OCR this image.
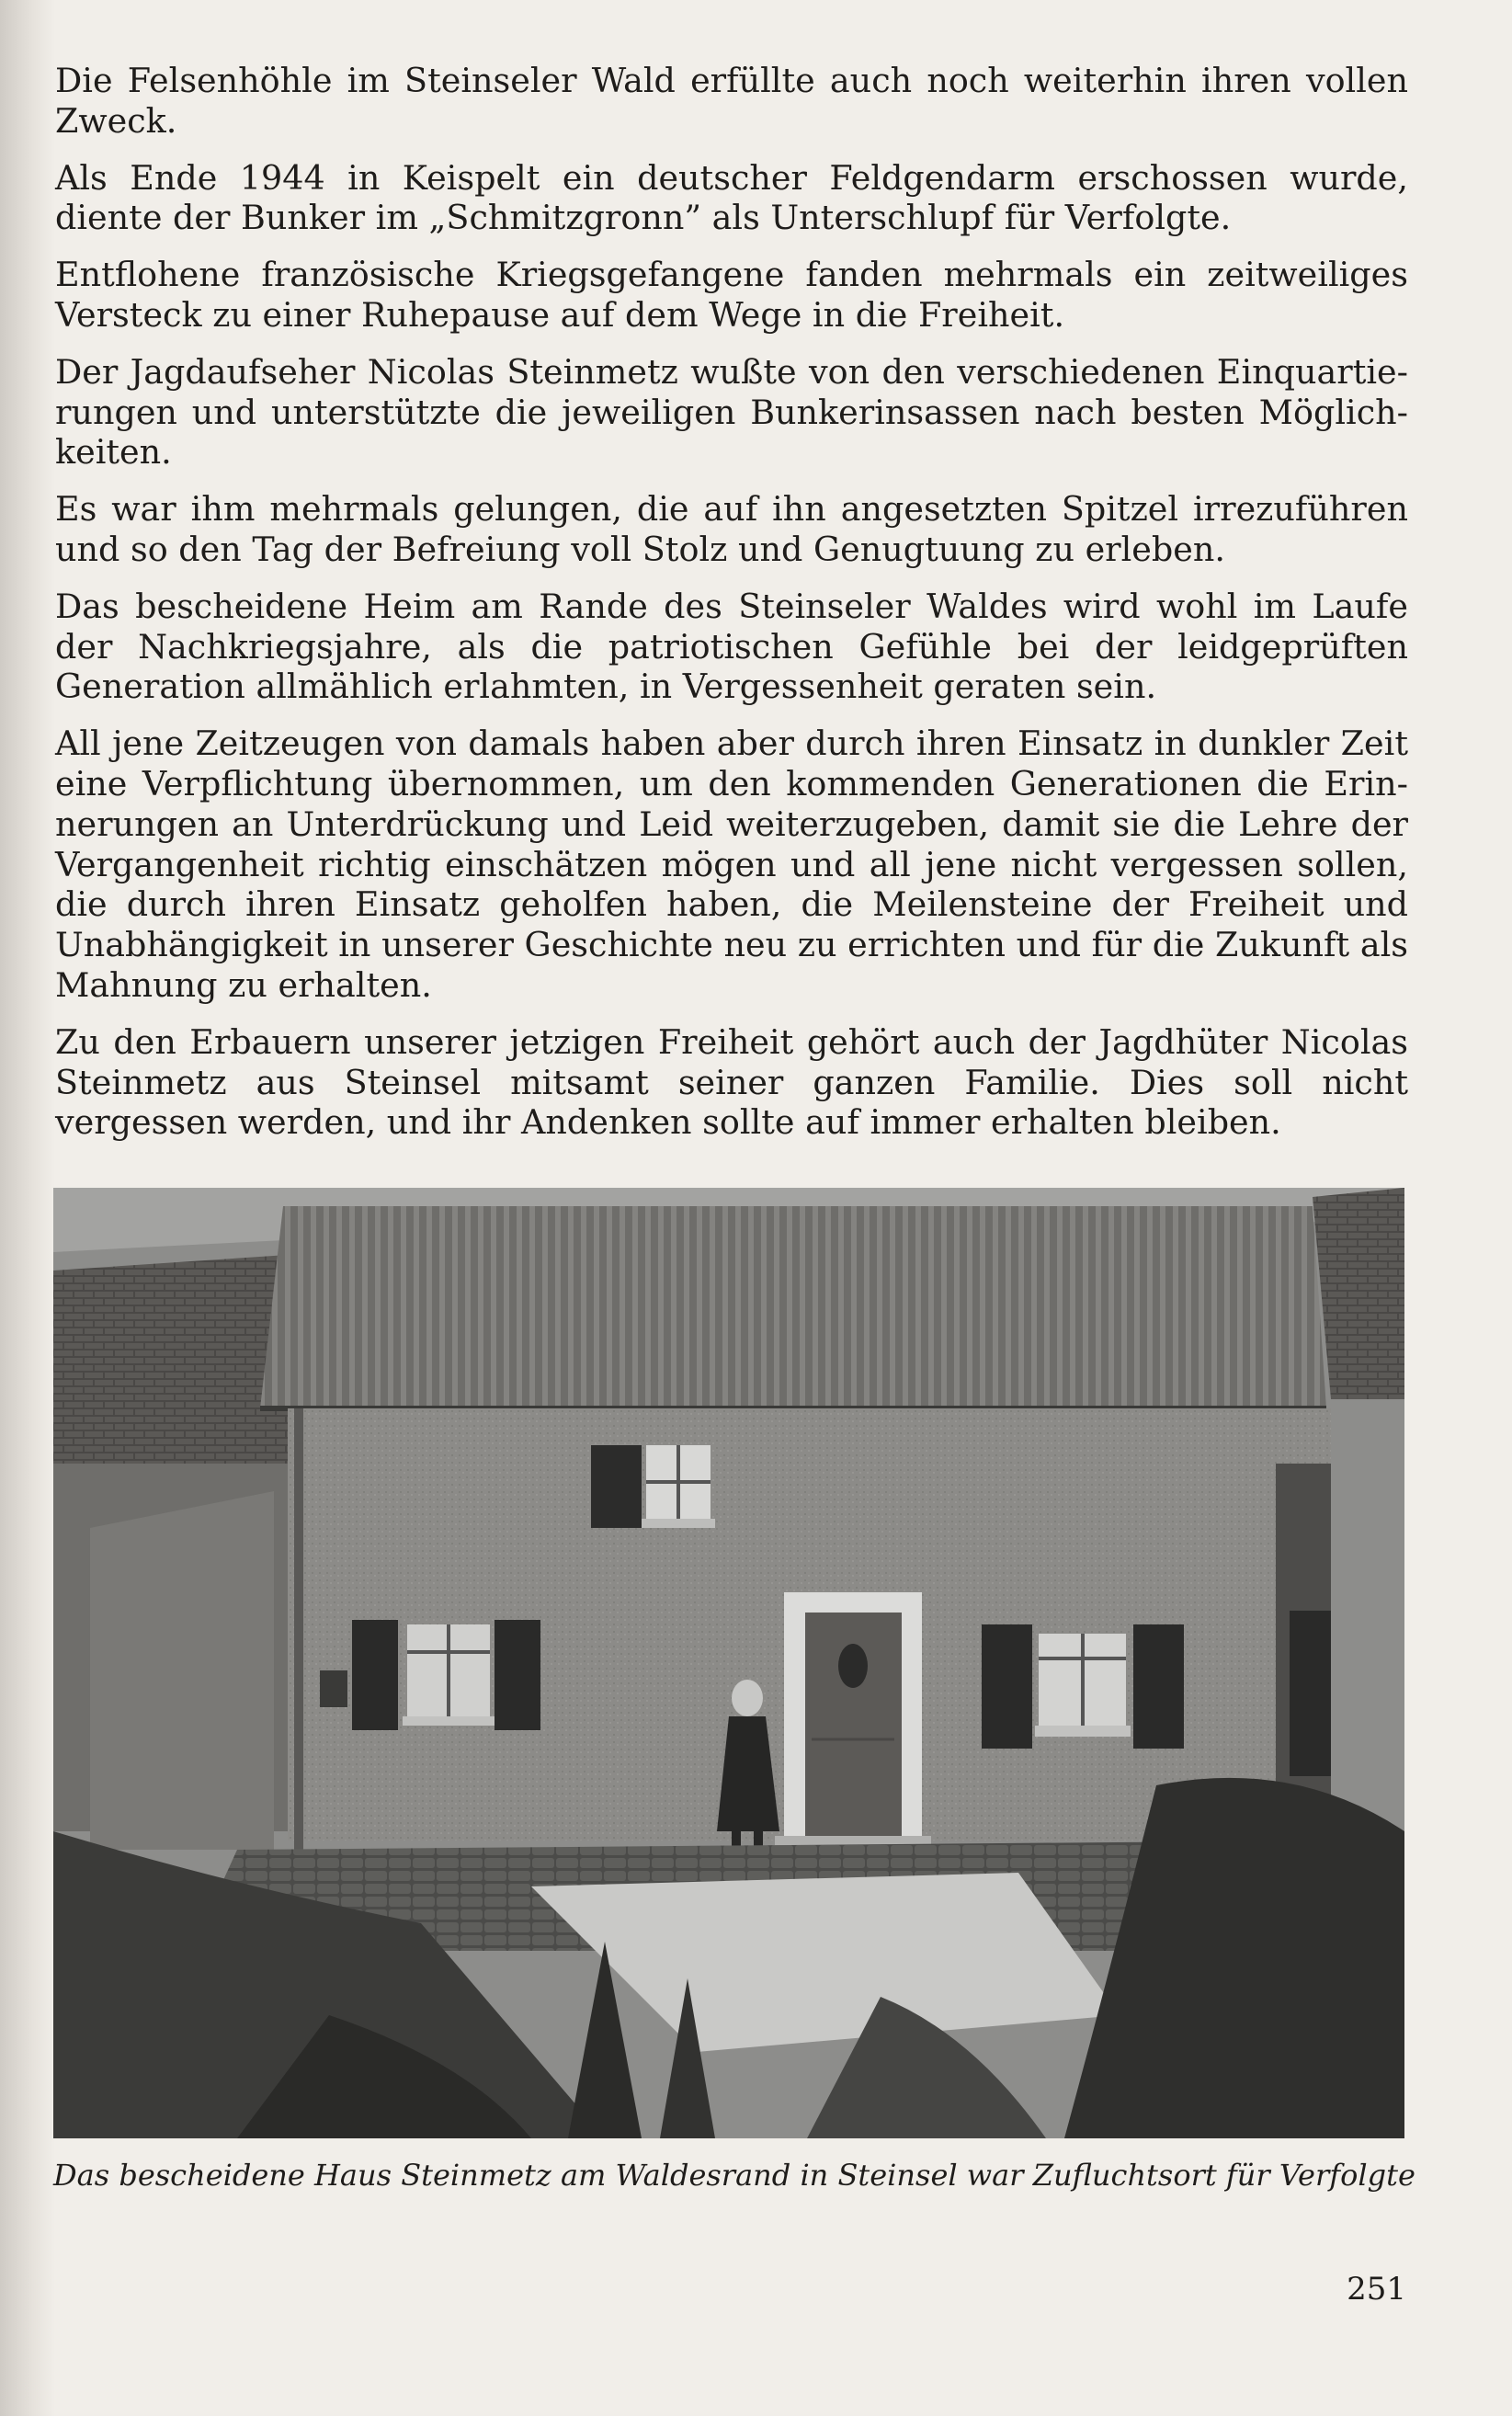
Die Felsenhöhle im Steinseler Wald erfüllte auch noch weiterhin ihren vollen Zweck.

Als Ende 1944 in Keispelt ein deutscher Feldgendarm erschossen wurde, diente der Bunker im „Schmitzgronn” als Unterschlupf für Verfolgte.

Entflohene französische Kriegsgefangene fanden mehrmals ein zeitweiliges Versteck zu einer Ruhepause auf dem Wege in die Freiheit.

Der Jagdaufseher Nicolas Steinmetz wußte von den verschiedenen Einquartie- rungen und unterstützte die jeweiligen Bunkerinsassen nach besten Möglich- keiten.

Es war ihm mehrmals gelungen, die auf ihn angesetzten Spitzel irrezuführen und so den Tag der Befreiung voll Stolz und Genugtuung zu erleben.

Das bescheidene Heim am Rande des Steinseler Waldes wird wohl im Laufe der Nachkriegsjahre, als die patriotischen Gefühle bei der leidgeprüften Generation allmählich erlahmten, in Vergessenheit geraten sein.

All jene Zeitzeugen von damals haben aber durch ihren Einsatz in dunkler Zeit eine Verpflichtung übernommen, um den kommenden Generationen die Erin- nerungen an Unterdrückung und Leid weiterzugeben, damit sie die Lehre der Vergangenheit richtig einschätzen mögen und all jene nicht vergessen sollen, die durch ihren Einsatz geholfen haben, die Meilensteine der Freiheit und Unabhängigkeit in unserer Geschichte neu zu errichten und für die Zukunft als Mahnung zu erhalten.

Zu den Erbauern unserer jetzigen Freiheit gehört auch der Jagdhüter Nicolas Steinmetz aus Steinsel mitsamt seiner ganzen Familie. Dies soll nicht vergessen werden, und ihr Andenken sollte auf immer erhalten bleiben.

Das bescheidene Haus Steinmetz am Waldesrand in Steinsel war Zufluchtsort für Verfolgte
251
